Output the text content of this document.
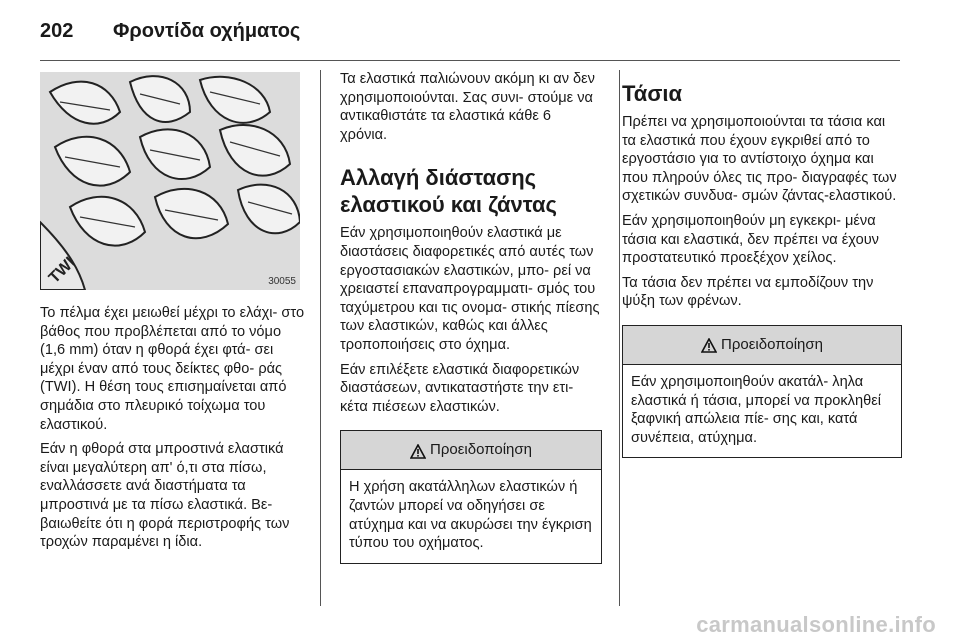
202 Φροντίδα οχήματος
TWI	30055

Το πέλμα έχει μειωθεί μέχρι το ελάχι- στο βάθος που προβλέπεται από το νόμο (1,6 mm) όταν η φθορά έχει φτά- σει μέχρι έναν από τους δείκτες φθο- ράς (TWI). Η θέση τους επισημαίνεται από σημάδια στο πλευρικό τοίχωμα του ελαστικού.

Εάν η φθορά στα μπροστινά ελαστικά είναι μεγαλύτερη απ' ό,τι στα πίσω, εναλλάσσετε ανά διαστήματα τα μπροστινά με τα πίσω ελαστικά. Βε- βαιωθείτε ότι η φορά περιστροφής των τροχών παραμένει η ίδια.

Τα ελαστικά παλιώνουν ακόμη κι αν δεν χρησιμοποιούνται. Σας συνι- στούμε να αντικαθιστάτε τα ελαστικά κάθε 6 χρόνια.

Αλλαγή διάστασης ελαστικού και ζάντας

Εάν χρησιμοποιηθούν ελαστικά με διαστάσεις διαφορετικές από αυτές των εργοστασιακών ελαστικών, μπο- ρεί να χρειαστεί επαναπρογραμματι- σμός του ταχύμετρου και τις ονομα- στικής πίεσης των ελαστικών, καθώς και άλλες τροποποιήσεις στο όχημα.

Εάν επιλέξετε ελαστικά διαφορετικών διαστάσεων, αντικαταστήστε την ετι- κέτα πιέσεων ελαστικών.

Προειδοποίηση
Η χρήση ακατάλληλων ελαστικών ή ζαντών μπορεί να οδηγήσει σε ατύχημα και να ακυρώσει την έγκριση τύπου του οχήματος.
Τάσια

Πρέπει να χρησιμοποιούνται τα τάσια και τα ελαστικά που έχουν εγκριθεί από το εργοστάσιο για το αντίστοιχο όχημα και που πληρούν όλες τις προ- διαγραφές των σχετικών συνδυα- σμών ζάντας-ελαστικού.

Εάν χρησιμοποιηθούν μη εγκεκρι- μένα τάσια και ελαστικά, δεν πρέπει να έχουν προστατευτικό προεξέχον χείλος.

Τα τάσια δεν πρέπει να εμποδίζουν την ψύξη των φρένων.

Προειδοποίηση
Εάν χρησιμοποιηθούν ακατάλ- ληλα ελαστικά ή τάσια, μπορεί να προκληθεί ξαφνική απώλεια πίε- σης και, κατά συνέπεια, ατύχημα.
carmanualsonline.info
